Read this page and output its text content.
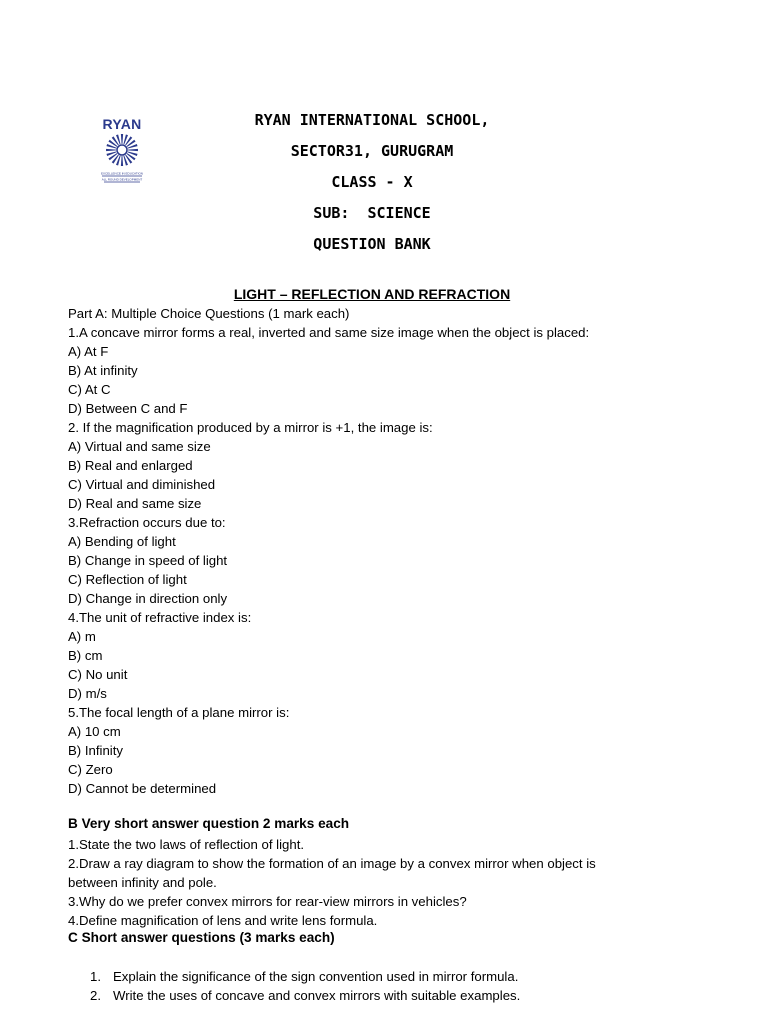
RYAN
EXCELLENCE IN EDUCATION
ALL ROUND DEVELOPMENT
RYAN INTERNATIONAL SCHOOL,
SECTOR31, GURUGRAM
CLASS - X
SUB:  SCIENCE
QUESTION BANK
LIGHT – REFLECTION AND REFRACTION
Part A: Multiple Choice Questions (1 mark each)
1.A concave mirror forms a real, inverted and same size image when the object is placed:
A) At F
B) At infinity
C) At C
D) Between C and F
2. If the magnification produced by a mirror is +1, the image is:
A) Virtual and same size
B) Real and enlarged
C) Virtual and diminished
D) Real and same size
3.Refraction occurs due to:
A) Bending of light
B) Change in speed of light
C) Reflection of light
D) Change in direction only
4.The unit of refractive index is:
A) m
B) cm
C) No unit
D) m/s
5.The focal length of a plane mirror is:
A) 10 cm
B) Infinity
C) Zero
D) Cannot be determined
B Very short answer question 2 marks each
1.State the two laws of reflection of light.
2.Draw a ray diagram to show the formation of an image by a convex mirror when object is
between infinity and pole.
3.Why do we prefer convex mirrors for rear-view mirrors in vehicles?
4.Define magnification of lens and write lens formula.
C Short answer questions (3 marks each)
1. Explain the significance of the sign convention used in mirror formula.
2. Write the uses of concave and convex mirrors with suitable examples.
